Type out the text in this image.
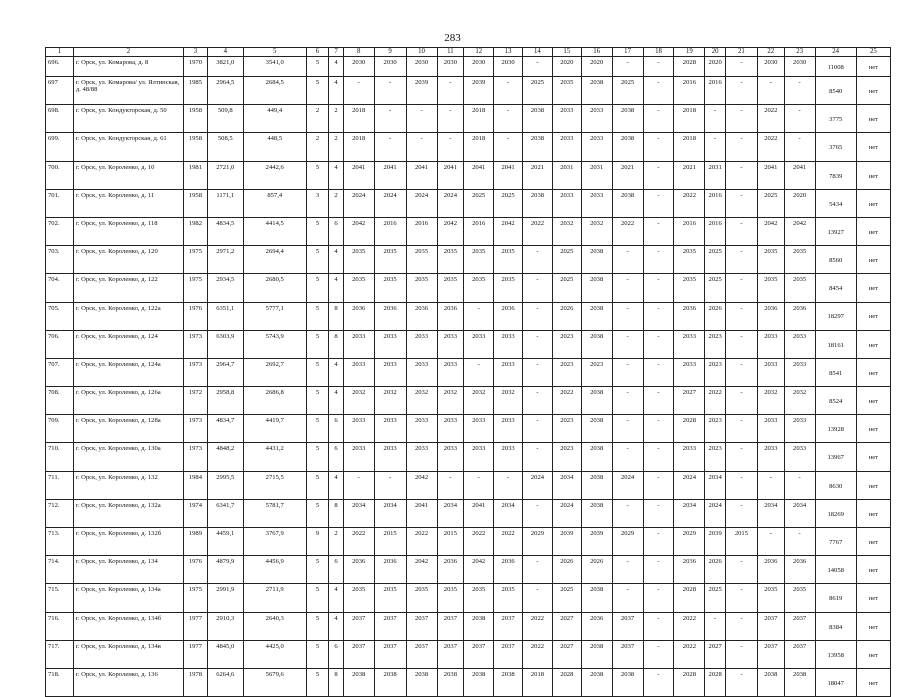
283
1	2	3	4	5	6	7	8	9	10	11	12	13	14	15	16	17	18	19	20	21	22	23	24	25
696.	г. Орск, ул. Комарова, д. 8	1970	3821,0	3541,0	5	4	2030	2030	2030	2030	2030	2030	-	2020	2020	-	-	2028	2020	-	2030	2030	11008	нет
697	г. Орск, ул. Комарова/ ул. Ялтинская, д. 48/88	1985	2964,5	2684,5	5	4	-	-	2039	-	2039	-	2025	2035	2038	2025	-	2016	2016	-	-	-	8540	нет
698.	г. Орск, ул. Кондукторская, д. 50	1958	509,8	449,4	2	2	2018	-	-	-	2018	-	2038	2033	2033	2038	-	2018	-	-	2022	-	3775	нет
699.	г. Орск, ул. Кондукторская, д. 61	1958	508,5	448,5	2	2	2018	-	-	-	2018	-	2038	2033	2033	2038	-	2018	-	-	2022	-	3765	нет
700.	г. Орск, ул. Короленко, д. 10	1981	2721,0	2442,6	5	4	2041	2041	2041	2041	2041	2041	2021	2031	2031	2021	-	2021	2031	-	2041	2041	7839	нет
701.	г. Орск, ул. Короленко, д. 11	1958	1171,1	857,4	3	2	2024	2024	2024	2024	2025	2025	2038	2033	2033	2038	-	2022	2016	-	2025	2020	5434	нет
702.	г. Орск, ул. Короленко, д. 118	1982	4834,5	4414,5	5	6	2042	2016	2016	2042	2016	2042	2022	2032	2032	2022	-	2016	2016	-	2042	2042	13927	нет
703.	г. Орск, ул. Короленко, д. 120	1975	2971,2	2694,4	5	4	2035	2035	2035	2035	2035	2035	-	2025	2038	-	-	2035	2025	-	2035	2035	8560	нет
704.	г. Орск, ул. Короленко, д. 122	1975	2934,5	2680,5	5	4	2035	2035	2035	2035	2035	2035	-	2025	2038	-	-	2035	2025	-	2035	2035	8454	нет
705.	г. Орск, ул. Короленко, д. 122а	1976	6351,1	5777,1	5	8	2036	2036	2036	2036	-	2036	-	2026	2038	-	-	2036	2026	-	2036	2036	18297	нет
706.	г. Орск, ул. Короленко, д. 124	1973	6303,9	5743,9	5	8	2033	2033	2033	2033	2033	2033	-	2023	2038	-	-	2033	2023	-	2033	2033	18161	нет
707.	г. Орск, ул. Короленко, д. 124а	1973	2964,7	2692,7	5	4	2033	2033	2033	2033	-	2033	-	2023	2023	-	-	2033	2023	-	2033	2033	8541	нет
708.	г. Орск, ул. Короленко, д. 126а	1972	2958,8	2686,8	5	4	2032	2032	2032	2032	2032	2032	-	2022	2038	-	-	2027	2022	-	2032	2032	8524	нет
709.	г. Орск, ул. Короленко, д. 128а	1973	4834,7	4419,7	5	6	2033	2033	2033	2033	2033	2033	-	2023	2038	-	-	2028	2023	-	2033	2033	13928	нет
710.	г. Орск, ул. Короленко, д. 130а	1973	4848,2	4431,2	5	6	2033	2033	2033	2033	2033	2033	-	2023	2038	-	-	2033	2023	-	2033	2033	13967	нет
711.	г. Орск, ул. Короленко, д. 132	1984	2995,5	2715,5	5	4	-	-	2042	-	-	-	2024	2034	2038	2024	-	2024	2034	-	-	-	8630	нет
712.	г. Орск, ул. Короленко, д. 132а	1974	6341,7	5781,7	5	8	2034	2034	2041	2034	2041	2034	-	2024	2038	-	-	2034	2024	-	2034	2034	18269	нет
713.	г. Орск, ул. Короленко, д. 132б	1989	4459,1	3767,9	9	2	2022	2015	2022	2015	2022	2022	2029	2039	2039	2029	-	2029	2039	2015	-	-	7767	нет
714.	г. Орск, ул. Короленко, д. 134	1976	4879,9	4456,9	5	6	2036	2036	2042	2036	2042	2036	-	2026	2026	-	-	2036	2026	-	2036	2036	14058	нет
715.	г. Орск, ул. Короленко, д. 134а	1975	2991,9	2711,9	5	4	2035	2035	2035	2035	2035	2035	-	2025	2038	-	-	2028	2025	-	2035	2035	8619	нет
716.	г. Орск, ул. Короленко, д. 134б	1977	2910,3	2640,3	5	4	2037	2037	2037	2037	2038	2037	2022	2027	2036	2037	-	2022	-	-	2037	2037	8384	нет
717.	г. Орск, ул. Короленко, д. 134в	1977	4845,0	4425,0	5	6	2037	2037	2037	2037	2037	2037	2022	2027	2038	2037	-	2022	2027	-	2037	2037	13958	нет
718.	г. Орск, ул. Короленко, д. 136	1978	6264,6	5679,6	5	8	2038	2038	2038	2038	2038	2038	2018	2028	2038	2038	-	2028	2028	-	2038	2038	18047	нет
